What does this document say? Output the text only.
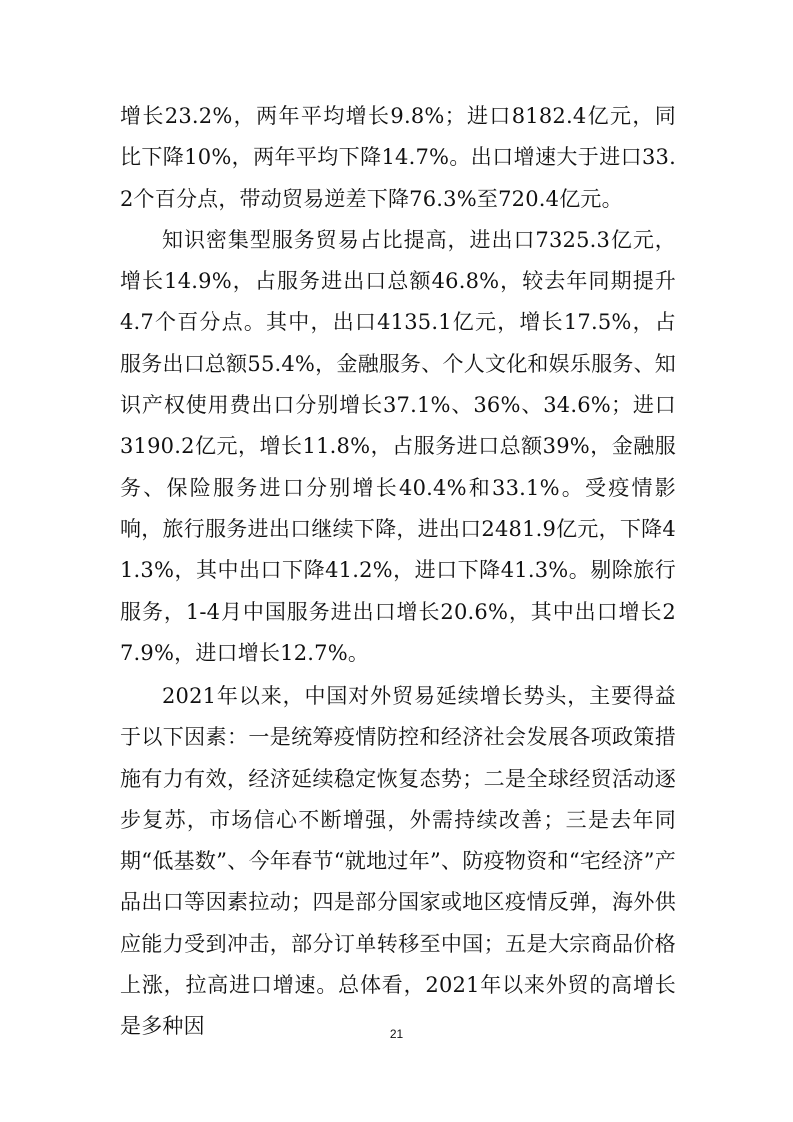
增长23.2%，两年平均增长9.8%；进口8182.4亿元，同比下降10%，两年平均下降14.7%。出口增速大于进口33.2个百分点，带动贸易逆差下降76.3%至720.4亿元。

知识密集型服务贸易占比提高，进出口7325.3亿元，增长14.9%，占服务进出口总额46.8%，较去年同期提升4.7个百分点。其中，出口4135.1亿元，增长17.5%，占服务出口总额55.4%，金融服务、个人文化和娱乐服务、知识产权使用费出口分别增长37.1%、36%、34.6%；进口3190.2亿元，增长11.8%，占服务进口总额39%，金融服务、保险服务进口分别增长40.4%和33.1%。受疫情影响，旅行服务进出口继续下降，进出口2481.9亿元，下降41.3%，其中出口下降41.2%，进口下降41.3%。剔除旅行服务，1-4月中国服务进出口增长20.6%，其中出口增长27.9%，进口增长12.7%。

2021年以来，中国对外贸易延续增长势头，主要得益于以下因素：一是统筹疫情防控和经济社会发展各项政策措施有力有效，经济延续稳定恢复态势；二是全球经贸活动逐步复苏，市场信心不断增强，外需持续改善；三是去年同期“低基数”、今年春节“就地过年”、防疫物资和“宅经济”产品出口等因素拉动；四是部分国家或地区疫情反弹，海外供应能力受到冲击，部分订单转移至中国；五是大宗商品价格上涨，拉高进口增速。总体看，2021年以来外贸的高增长是多种因	21
